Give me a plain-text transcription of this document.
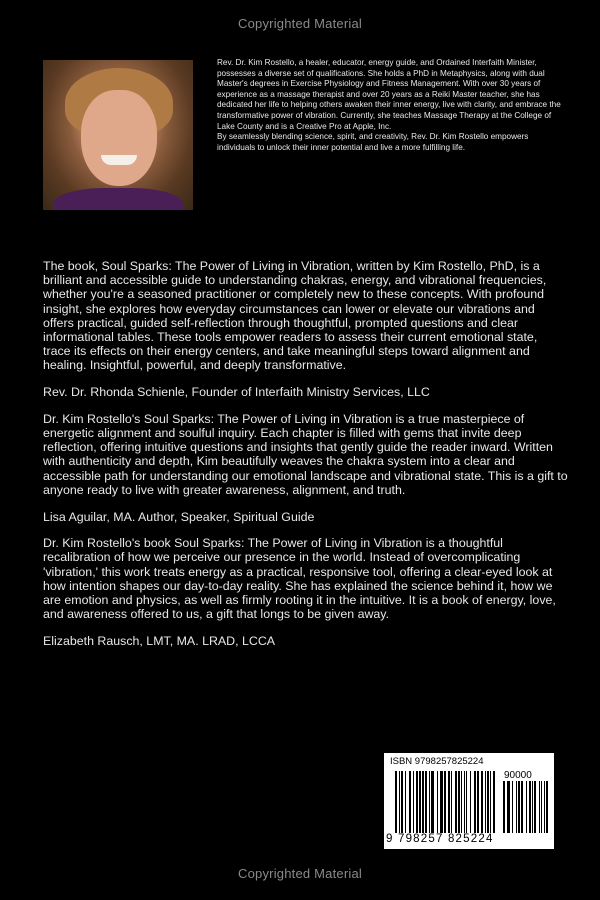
Copyrighted Material

Rev. Dr. Kim Rostello, a healer, educator, energy guide, and Ordained Interfaith Minister, possesses a diverse set of qualifications. She holds a PhD in Metaphysics, along with dual Master's degrees in Exercise Physiology and Fitness Management. With over 30 years of experience as a massage therapist and over 20 years as a Reiki Master teacher, she has dedicated her life to helping others awaken their inner energy, live with clarity, and embrace the transformative power of vibration. Currently, she teaches Massage Therapy at the College of Lake County and is a Creative Pro at Apple, Inc.

By seamlessly blending science, spirit, and creativity, Rev. Dr. Kim Rostello empowers individuals to unlock their inner potential and live a more fulfilling life.

The book, Soul Sparks: The Power of Living in Vibration, written by Kim Rostello, PhD, is a brilliant and accessible guide to understanding chakras, energy, and vibrational frequencies, whether you're a seasoned practitioner or completely new to these concepts. With profound insight, she explores how everyday circumstances can lower or elevate our vibrations and offers practical, guided self-reflection through thoughtful, prompted questions and clear informational tables. These tools empower readers to assess their current emotional state, trace its effects on their energy centers, and take meaningful steps toward alignment and healing. Insightful, powerful, and deeply transformative.

Rev. Dr. Rhonda Schienle, Founder of Interfaith Ministry Services, LLC

Dr. Kim Rostello's Soul Sparks: The Power of Living in Vibration is a true masterpiece of energetic alignment and soulful inquiry. Each chapter is filled with gems that invite deep reflection, offering intuitive questions and insights that gently guide the reader inward. Written with authenticity and depth, Kim beautifully weaves the chakra system into a clear and accessible path for understanding our emotional landscape and vibrational state. This is a gift to anyone ready to live with greater awareness, alignment, and truth.

Lisa Aguilar, MA. Author, Speaker, Spiritual Guide

Dr. Kim Rostello's book Soul Sparks: The Power of Living in Vibration is a thoughtful recalibration of how we perceive our presence in the world. Instead of overcomplicating 'vibration,' this work treats energy as a practical, responsive tool, offering a clear-eyed look at how intention shapes our day-to-day reality. She has explained the science behind it, how we are emotion and physics, as well as firmly rooting it in the intuitive. It is a book of energy, love, and awareness offered to us, a gift that longs to be given away.

Elizabeth Rausch, LMT, MA. LRAD, LCCA

ISBN 9798257825224
90000
9 798257 825224
Copyrighted Material
